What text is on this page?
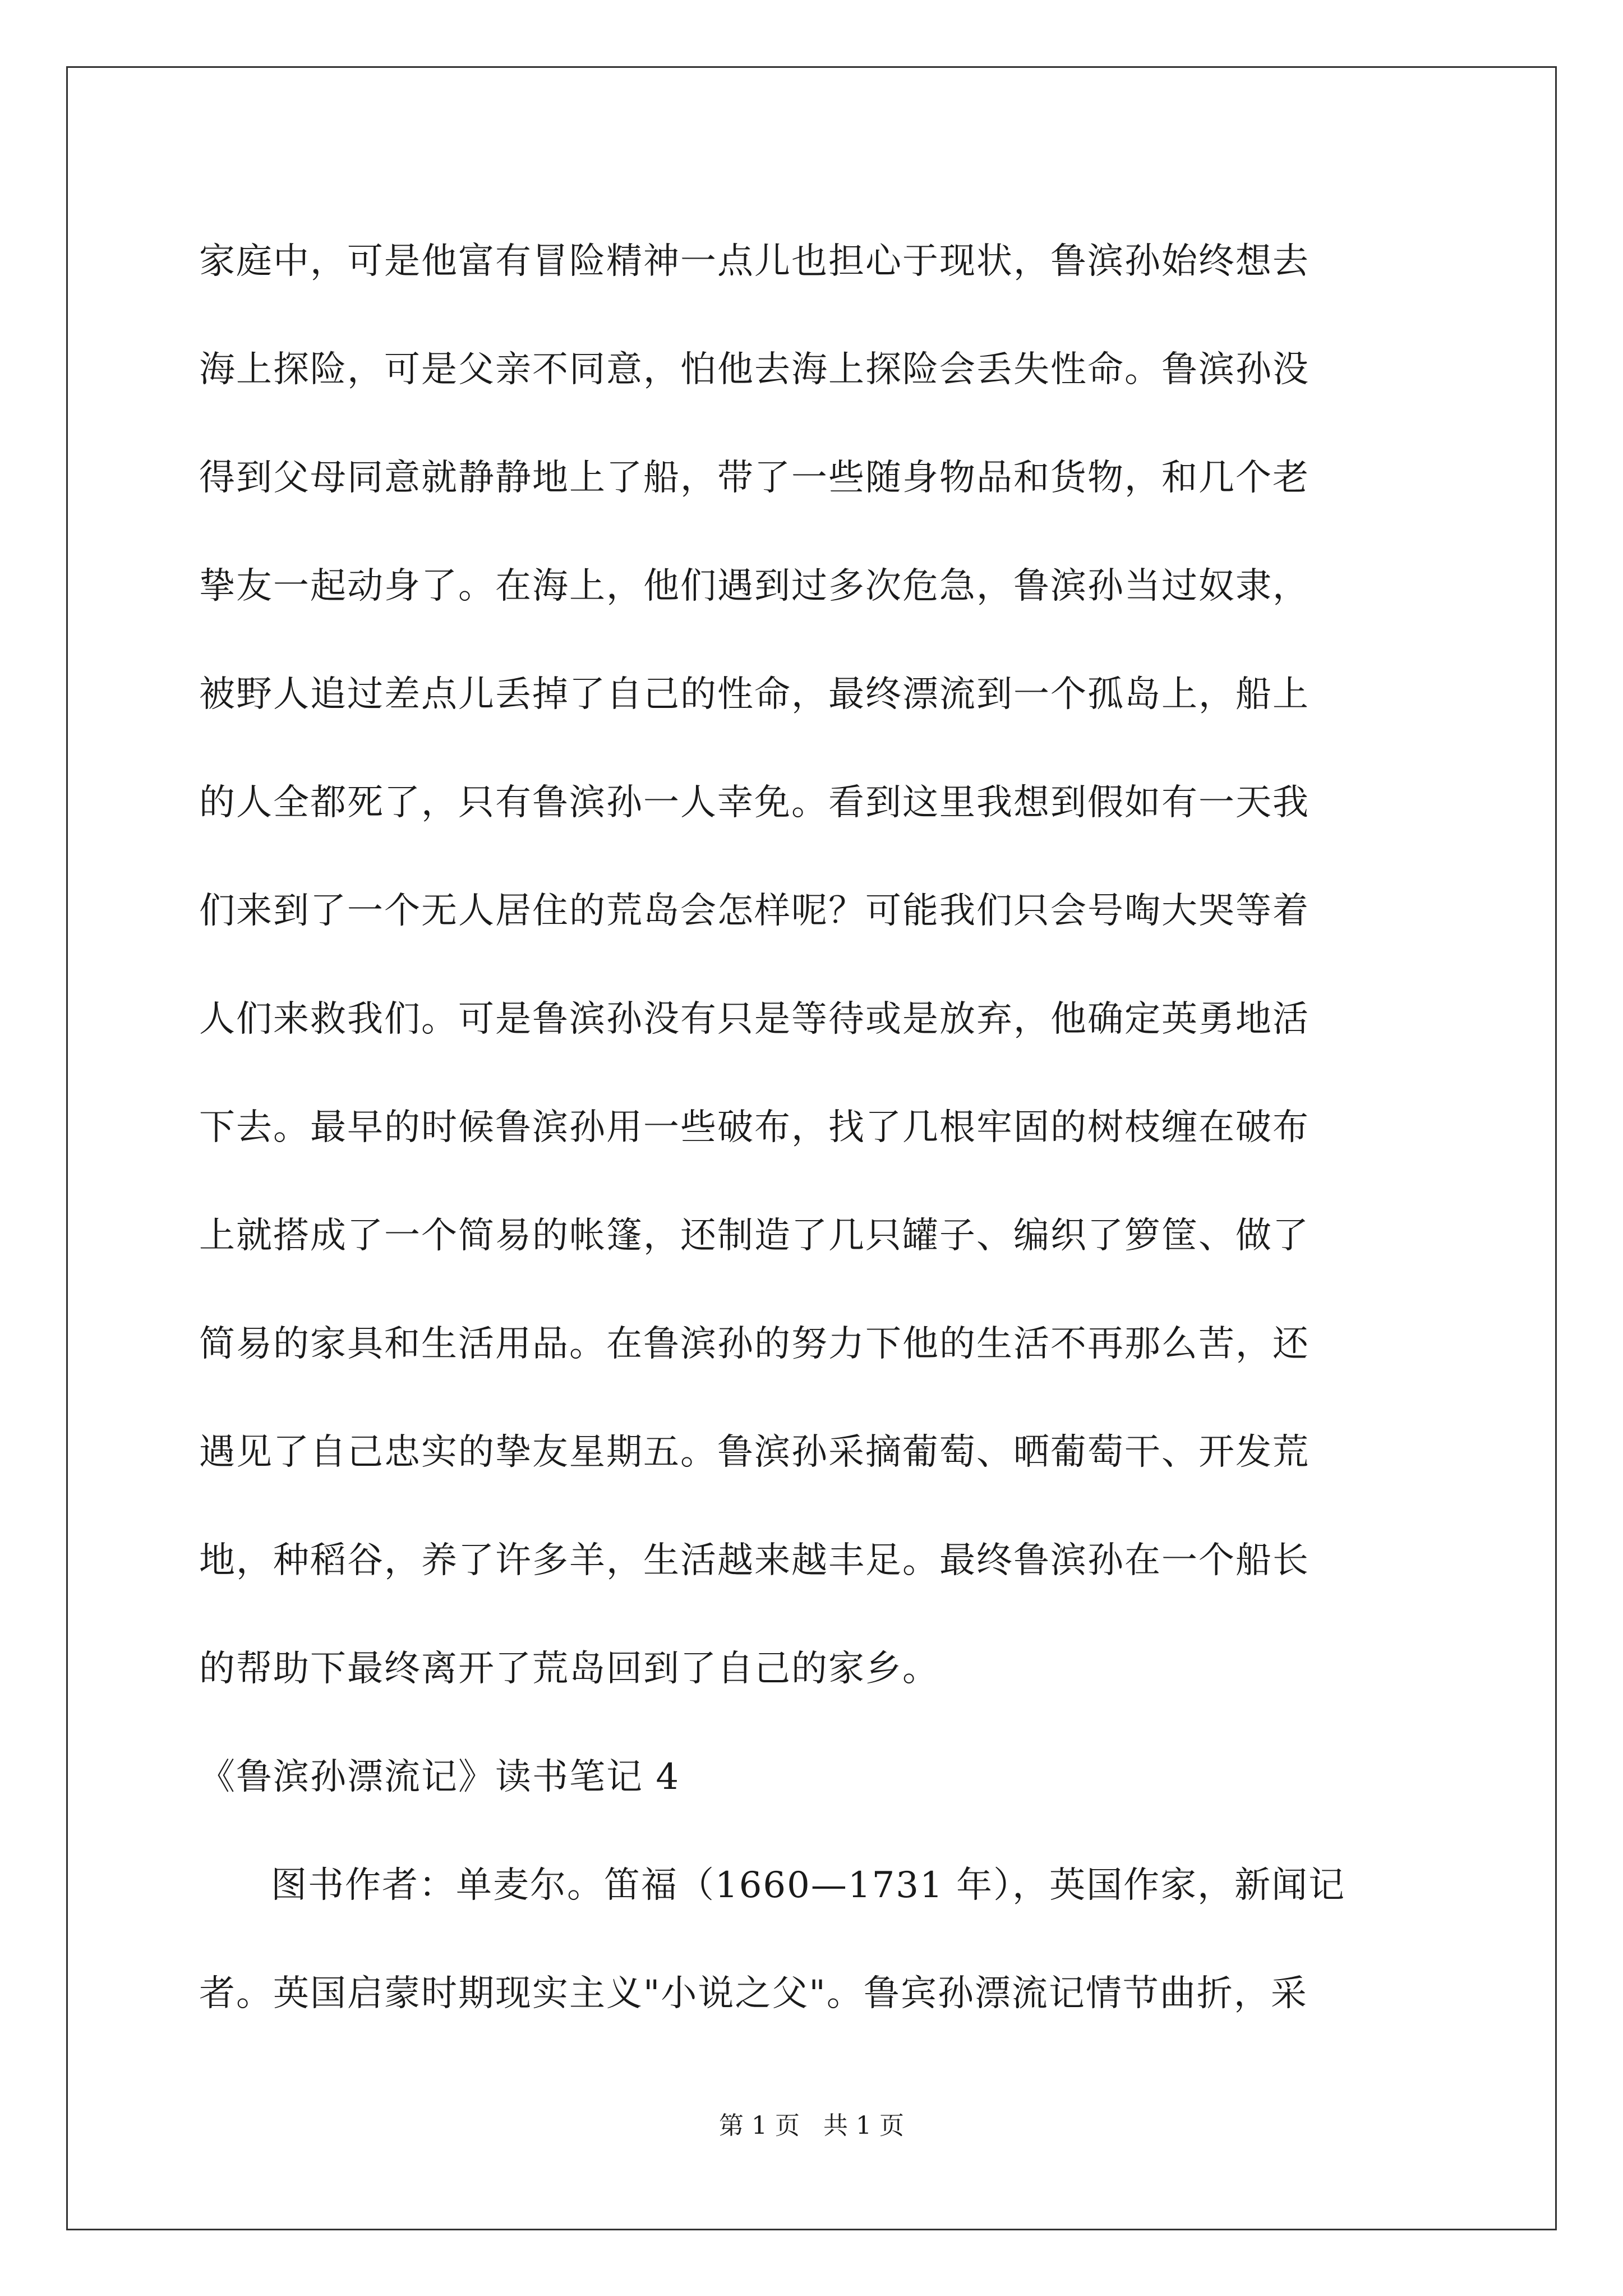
家庭中，可是他富有冒险精神一点儿也担心于现状，鲁滨孙始终想去
海上探险，可是父亲不同意，怕他去海上探险会丢失性命。鲁滨孙没
得到父母同意就静静地上了船，带了一些随身物品和货物，和几个老
挚友一起动身了。在海上，他们遇到过多次危急，鲁滨孙当过奴隶，
被野人追过差点儿丢掉了自己的性命，最终漂流到一个孤岛上，船上
的人全都死了，只有鲁滨孙一人幸免。看到这里我想到假如有一天我
们来到了一个无人居住的荒岛会怎样呢？可能我们只会号啕大哭等着
人们来救我们。可是鲁滨孙没有只是等待或是放弃，他确定英勇地活
下去。最早的时候鲁滨孙用一些破布，找了几根牢固的树枝缠在破布
上就搭成了一个简易的帐篷，还制造了几只罐子、编织了箩筐、做了
简易的家具和生活用品。在鲁滨孙的努力下他的生活不再那么苦，还
遇见了自己忠实的挚友星期五。鲁滨孙采摘葡萄、晒葡萄干、开发荒
地，种稻谷，养了许多羊，生活越来越丰足。最终鲁滨孙在一个船长
的帮助下最终离开了荒岛回到了自己的家乡。
《鲁滨孙漂流记》读书笔记 4
图书作者：单麦尔。笛福（1660—1731 年），英国作家，新闻记
者。英国启蒙时期现实主义"小说之父"。鲁宾孙漂流记情节曲折，采
第 1 页   共 1 页
